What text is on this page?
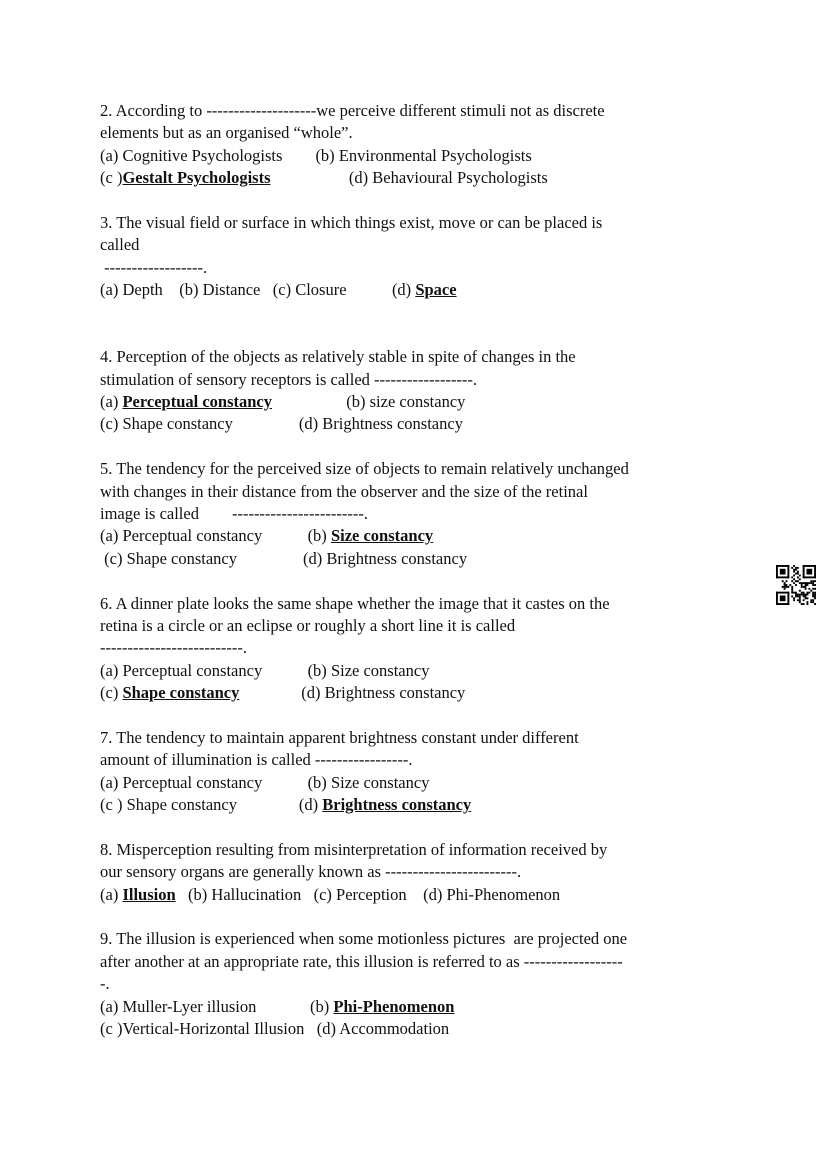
2. According to --------------------we perceive different stimuli not as discrete
elements but as an organised “whole”.
(a) Cognitive Psychologists (b) Environmental Psychologists
(c )Gestalt Psychologists	(d) Behavioural Psychologists
3. The visual field or surface in which things exist, move or can be placed is
called
------------------.
(a) Depth (b) Distance (c) Closure	(d) Space
4. Perception of the objects as relatively stable in spite of changes in the
stimulation of sensory receptors is called ------------------.
(a) Perceptual constancy	(b) size constancy
(c) Shape constancy	(d) Brightness constancy
5. The tendency for the perceived size of objects to remain relatively unchanged
with changes in their distance from the observer and the size of the retinal
image is called        ------------------------.
(a) Perceptual constancy	(b) Size constancy
(c) Shape constancy	(d) Brightness constancy
6. A dinner plate looks the same shape whether the image that it castes on the
retina is a circle or an eclipse or roughly a short line it is called
--------------------------.
(a) Perceptual constancy	(b) Size constancy
(c) Shape constancy	(d) Brightness constancy
7. The tendency to maintain apparent brightness constant under different
amount of illumination is called -----------------.
(a) Perceptual constancy	(b) Size constancy
(c ) Shape constancy	(d) Brightness constancy
8. Misperception resulting from misinterpretation of information received by
our sensory organs are generally known as ------------------------.
(a) Illusion (b) Hallucination (c) Perception (d) Phi-Phenomenon
9. The illusion is experienced when some motionless pictures  are projected one
after another at an appropriate rate, this illusion is referred to as ------------------
-.
(a) Muller-Lyer illusion	(b) Phi-Phenomenon
(c )Vertical-Horizontal Illusion (d) Accommodation
